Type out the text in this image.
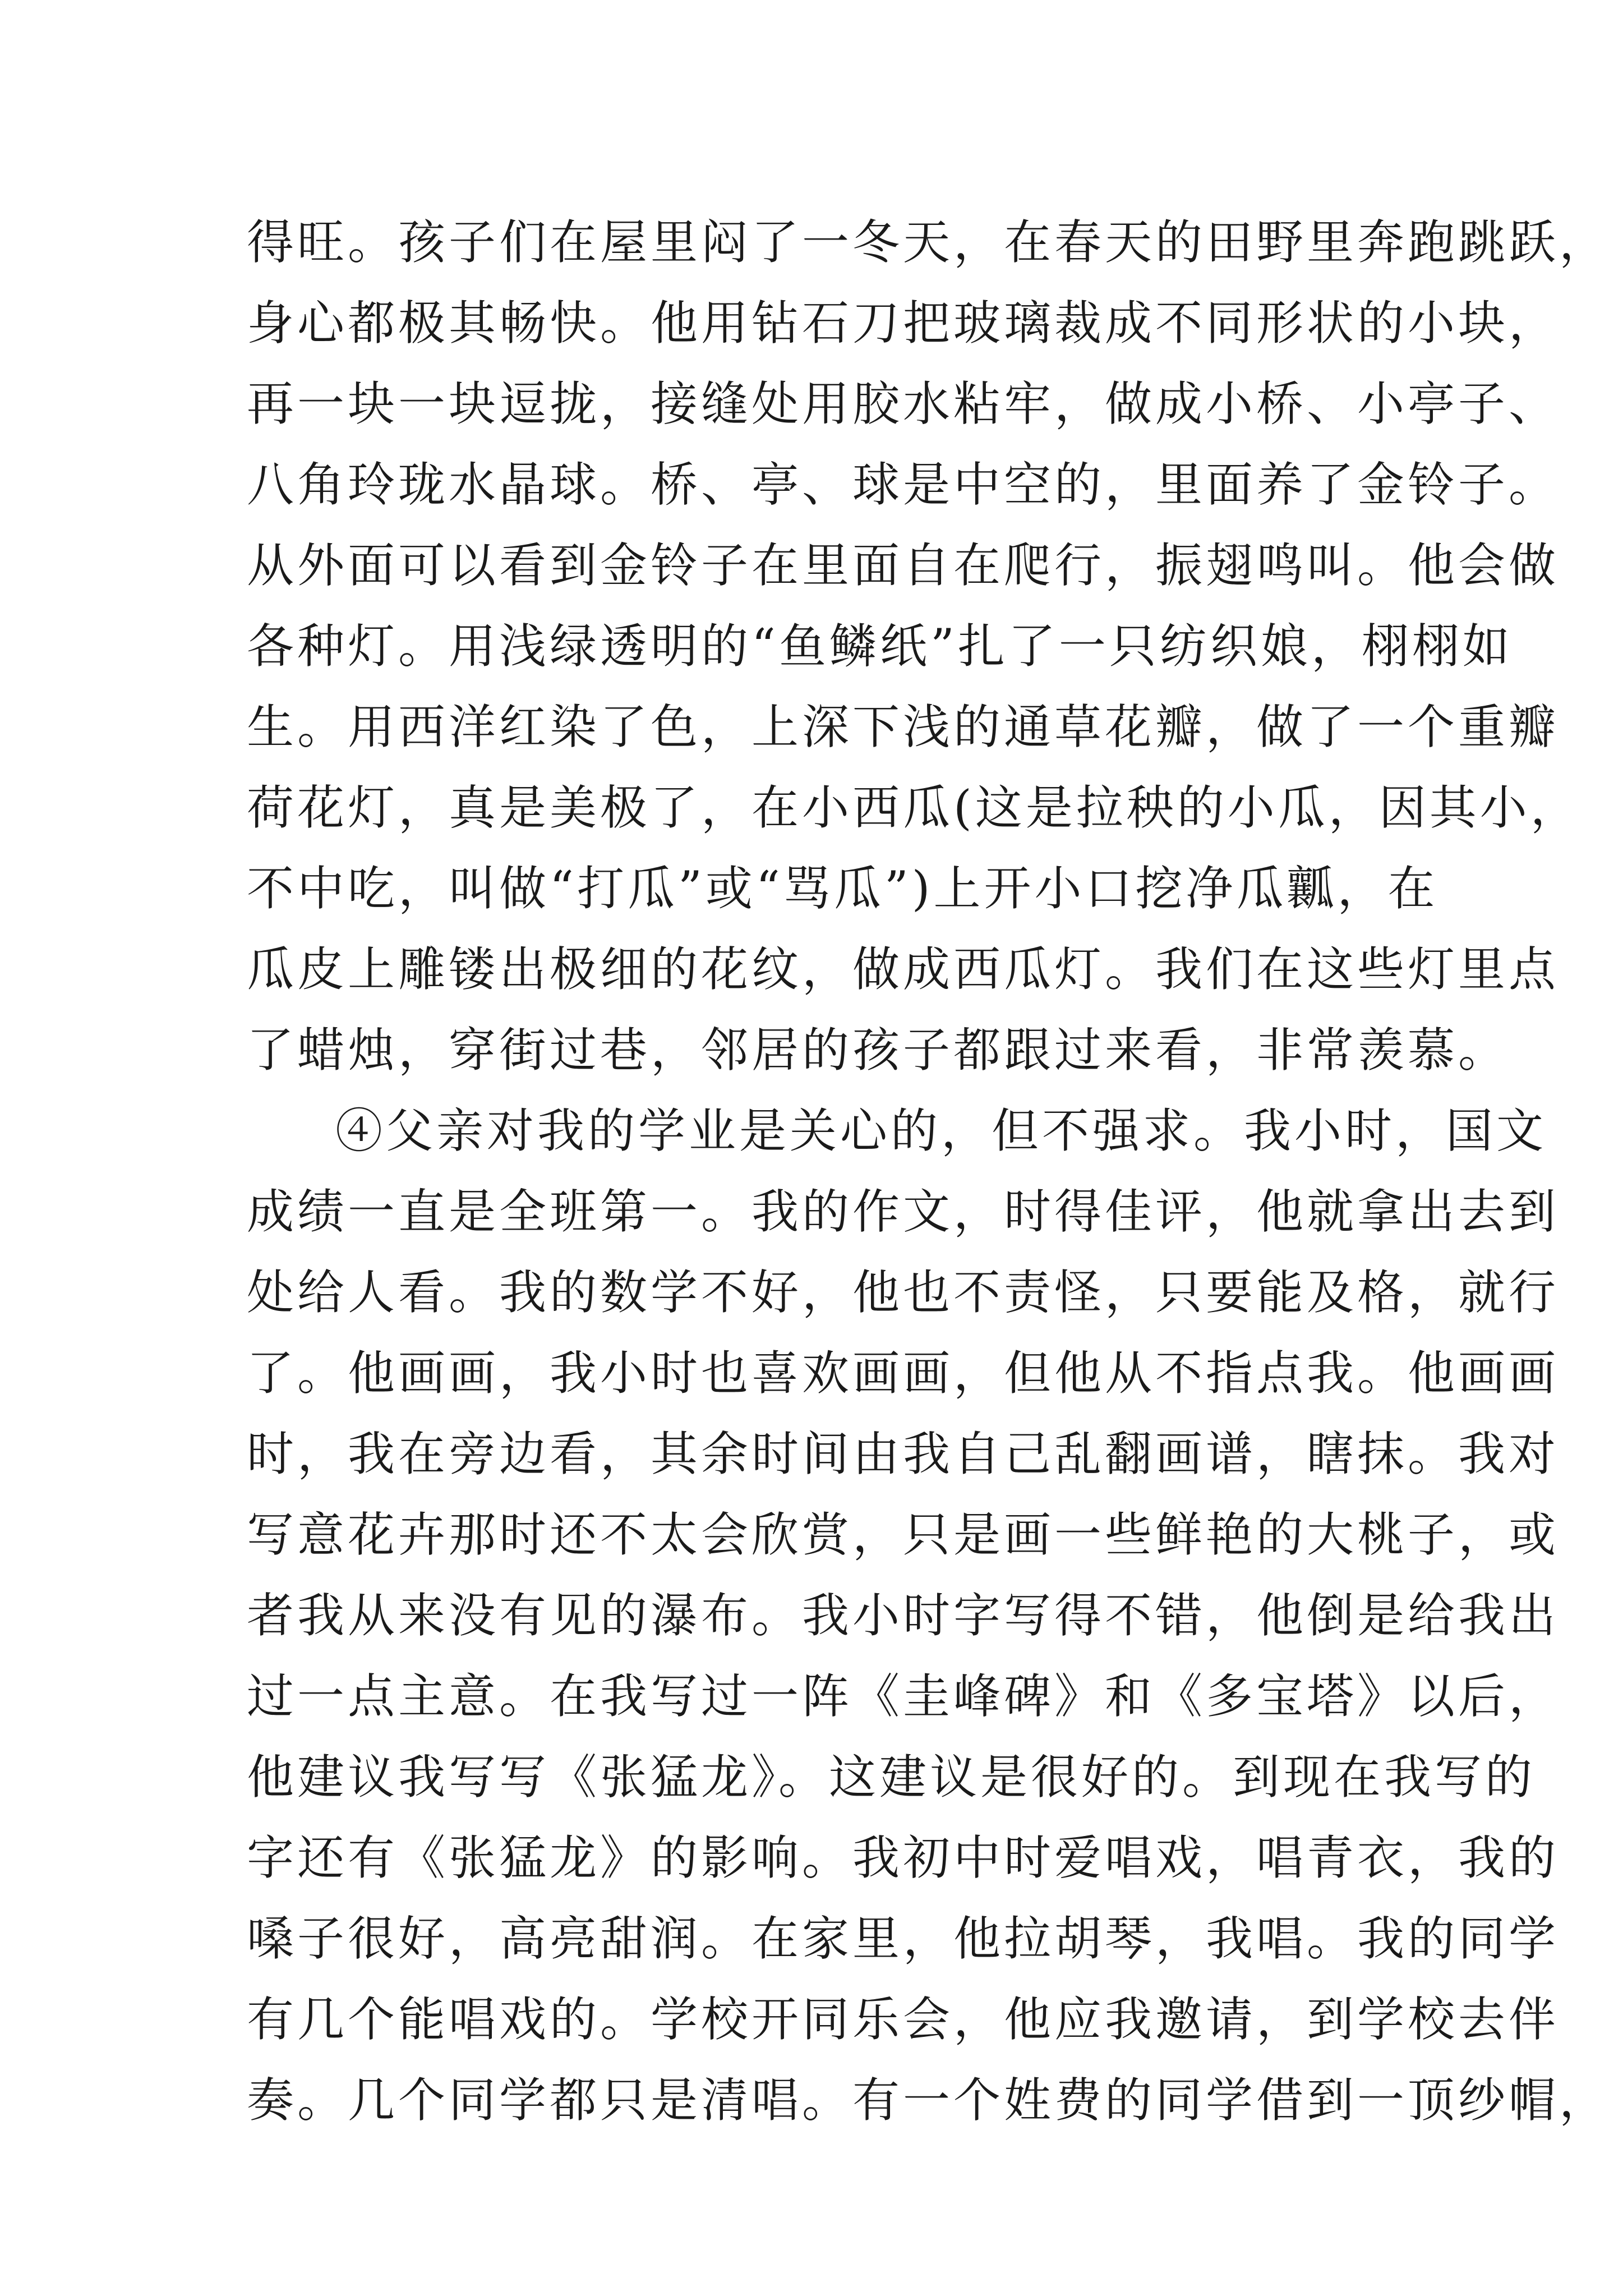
得旺。孩子们在屋里闷了一冬天，在春天的田野里奔跑跳跃，
身心都极其畅快。他用钻石刀把玻璃裁成不同形状的小块，
再一块一块逗拢，接缝处用胶水粘牢，做成小桥、小亭子、
八角玲珑水晶球。桥、亭、球是中空的，里面养了金铃子。
从外面可以看到金铃子在里面自在爬行，振翅鸣叫。他会做
各种灯。用浅绿透明的“鱼鳞纸”扎了一只纺织娘，栩栩如
生。用西洋红染了色，上深下浅的通草花瓣，做了一个重瓣
荷花灯，真是美极了，在小西瓜(这是拉秧的小瓜，因其小，
不中吃，叫做“打瓜”或“骂瓜”)上开小口挖净瓜瓤，在
瓜皮上雕镂出极细的花纹，做成西瓜灯。我们在这些灯里点
了蜡烛，穿街过巷，邻居的孩子都跟过来看，非常羡慕。
④父亲对我的学业是关心的，但不强求。我小时，国文
成绩一直是全班第一。我的作文，时得佳评，他就拿出去到
处给人看。我的数学不好，他也不责怪，只要能及格，就行
了。他画画，我小时也喜欢画画，但他从不指点我。他画画
时，我在旁边看，其余时间由我自己乱翻画谱，瞎抹。我对
写意花卉那时还不太会欣赏，只是画一些鲜艳的大桃子，或
者我从来没有见的瀑布。我小时字写得不错，他倒是给我出
过一点主意。在我写过一阵《圭峰碑》和《多宝塔》以后，
他建议我写写《张猛龙》。这建议是很好的。到现在我写的
字还有《张猛龙》的影响。我初中时爱唱戏，唱青衣，我的
嗓子很好，高亮甜润。在家里，他拉胡琴，我唱。我的同学
有几个能唱戏的。学校开同乐会，他应我邀请，到学校去伴
奏。几个同学都只是清唱。有一个姓费的同学借到一顶纱帽，
